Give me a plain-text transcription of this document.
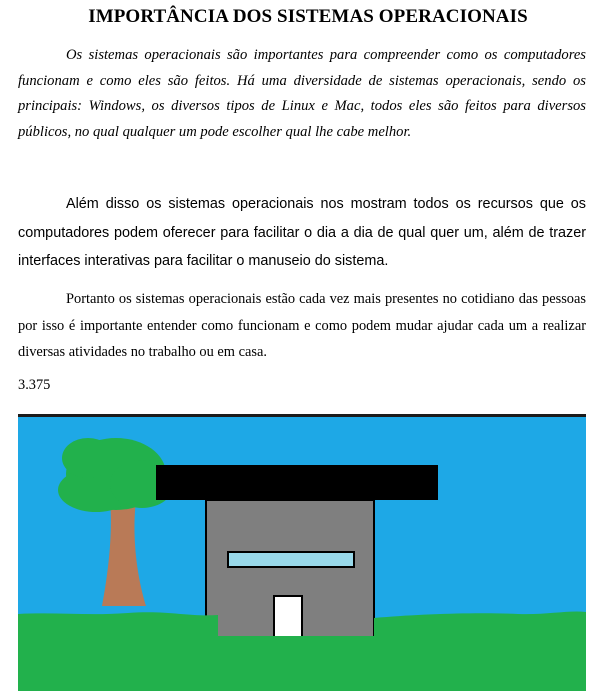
IMPORTÂNCIA DOS SISTEMAS OPERACIONAIS

Os sistemas operacionais são importantes para compreender como os computadores funcionam e como eles são feitos. Há uma diversidade de sistemas operacionais, sendo os principais: Windows, os diversos tipos de Linux e Mac, todos eles são feitos para diversos públicos, no qual qualquer um pode escolher qual lhe cabe melhor.

Além disso os sistemas operacionais nos mostram todos os recursos que os computadores podem oferecer para facilitar o dia a dia de qual quer um, além de trazer interfaces interativas para facilitar o manuseio do sistema.

Portanto os sistemas operacionais estão cada vez mais presentes no cotidiano das pessoas por isso é importante entender como funcionam e como podem mudar ajudar cada um a realizar diversas atividades no trabalho ou em casa.

3.375
